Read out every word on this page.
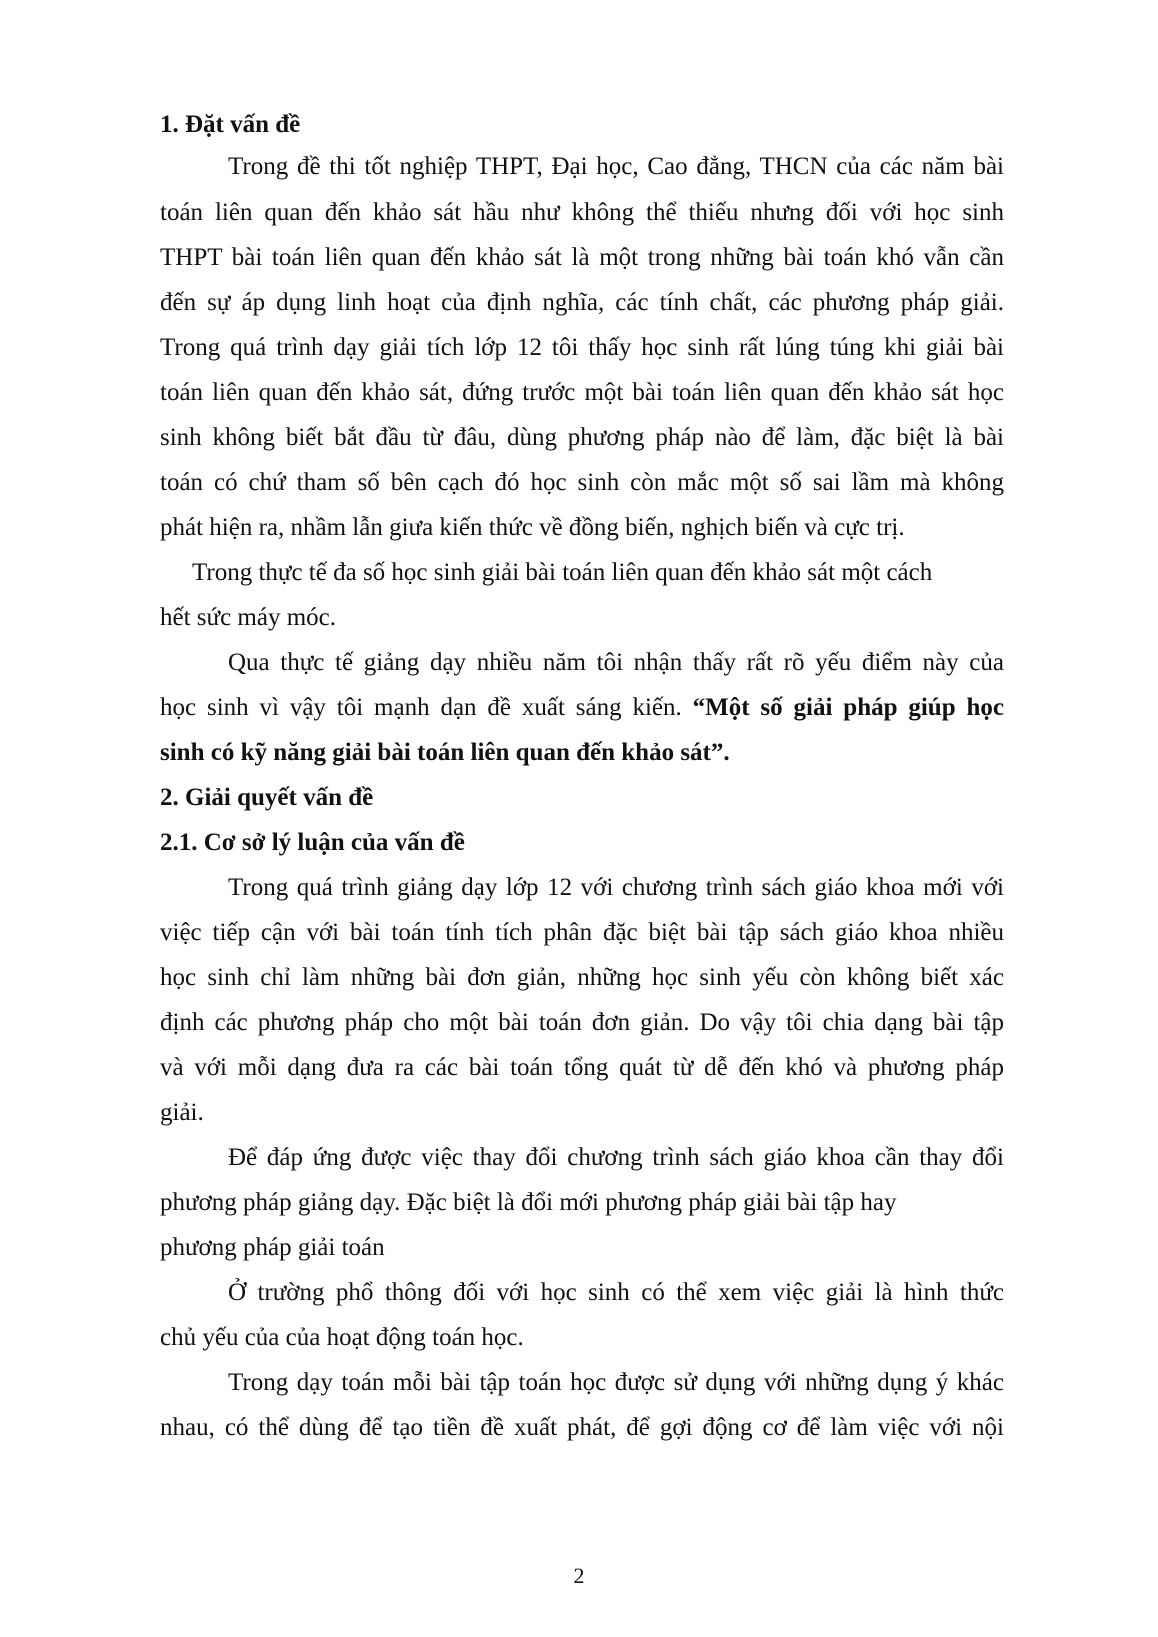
1. Đặt vấn đề
Trong đề thi tốt nghiệp THPT, Đại học, Cao đẳng, THCN của các năm bài
toán liên quan đến khảo sát hầu như không thể thiếu nhưng đối với học sinh
THPT bài toán liên quan đến khảo sát là một trong những bài toán khó vẫn cần
đến sự áp dụng linh hoạt của định nghĩa, các tính chất, các phương pháp giải.
Trong quá trình dạy giải tích lớp 12 tôi thấy học sinh rất lúng túng khi giải bài
toán liên quan đến khảo sát, đứng trước một bài toán liên quan đến khảo sát học
sinh không biết bắt đầu từ đâu, dùng phương pháp nào để làm, đặc biệt là bài
toán có chứ tham số bên cạch đó học sinh còn mắc một số sai lầm mà không
phát hiện ra, nhầm lẫn giưa kiến thức về đồng biến, nghịch biến và cực trị.
Trong thực tế đa số học sinh giải bài toán liên quan đến khảo sát một cách
hết sức máy móc.
Qua thực tế giảng dạy nhiều năm tôi nhận thấy rất rõ yếu điểm này của
học sinh vì vậy tôi mạnh dạn đề xuất sáng kiến. “Một số giải pháp giúp học
sinh có kỹ năng giải bài toán liên quan đến khảo sát”.
2. Giải quyết vấn đề
2.1. Cơ sở lý luận của vấn đề
Trong quá trình giảng dạy lớp 12 với chương trình sách giáo khoa mới với
việc tiếp cận với bài toán tính tích phân đặc biệt bài tập sách giáo khoa nhiều
học sinh chỉ làm những bài đơn giản, những học sinh yếu còn không biết xác
định các phương pháp cho một bài toán đơn giản. Do vậy tôi chia dạng bài tập
và với mỗi dạng đưa ra các bài toán tổng quát từ dễ đến khó và phương pháp
giải.
Để đáp ứng được việc thay đổi chương trình sách giáo khoa cần thay đổi
phương pháp giảng dạy. Đặc biệt là đổi mới phương pháp giải bài tập hay
phương pháp giải toán
Ở trường phổ thông đối với học sinh có thể xem việc giải là hình thức
chủ yếu của của hoạt động toán học.
Trong dạy toán mỗi bài tập toán học được sử dụng với những dụng ý khác
nhau, có thể dùng để tạo tiền đề xuất phát, để gợi động cơ để làm việc với nội
2
